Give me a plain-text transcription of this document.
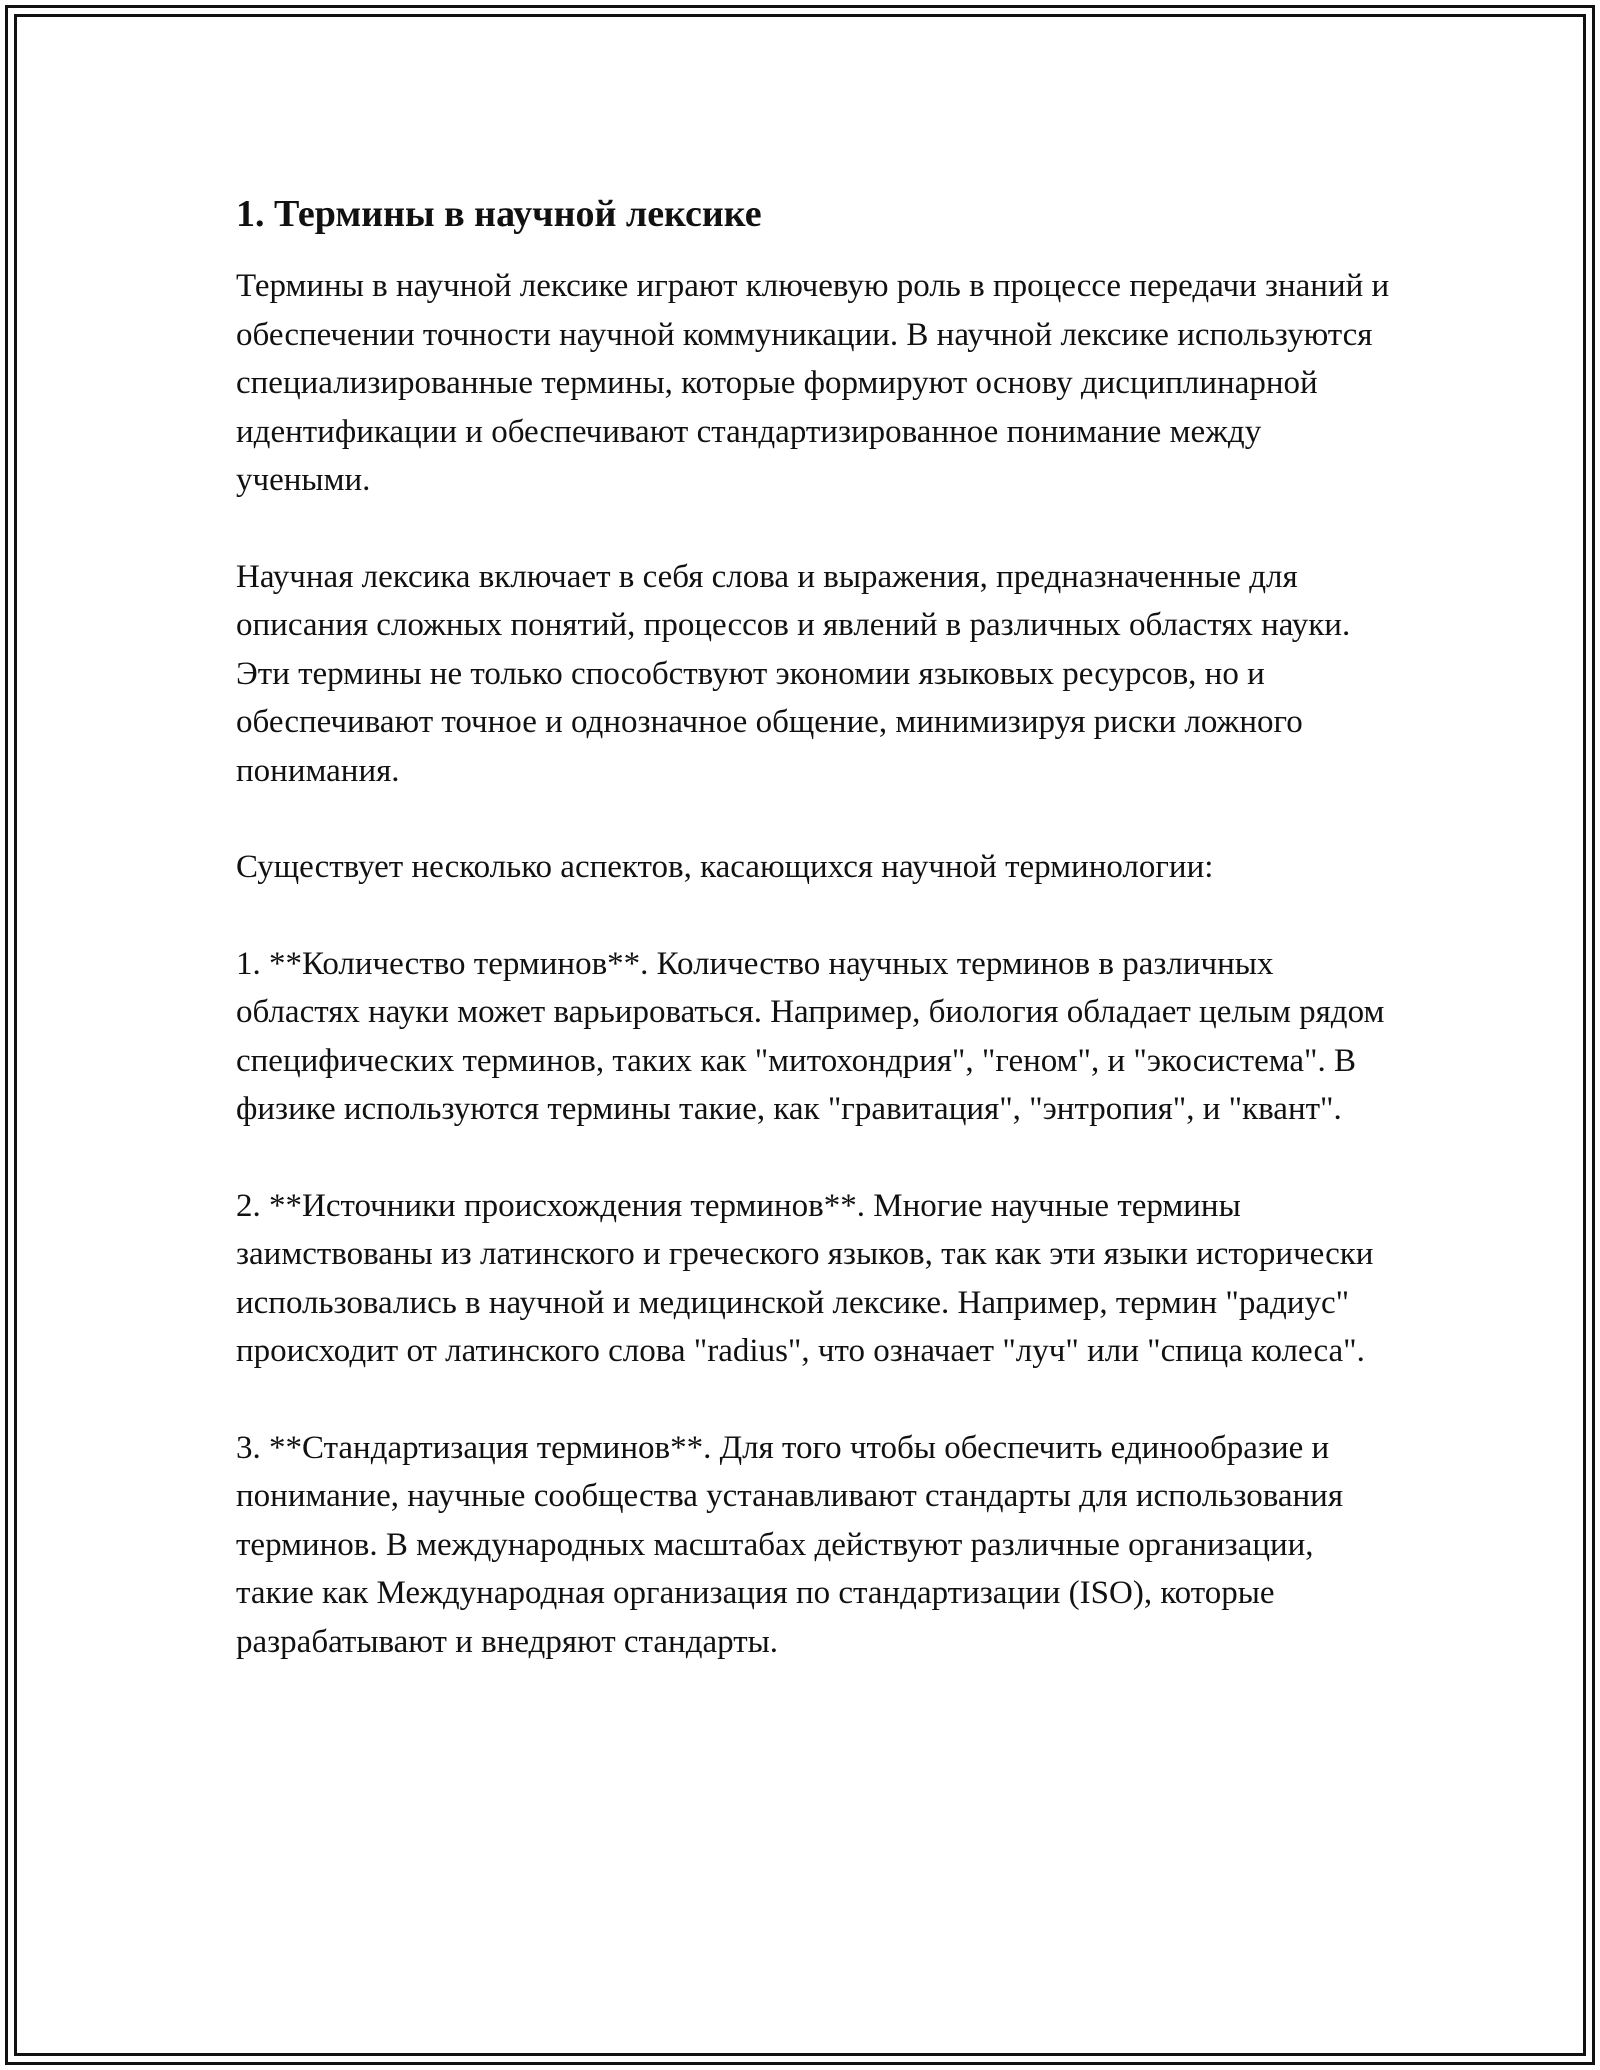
1. Термины в научной лексике

Термины в научной лексике играют ключевую роль в процессе передачи знаний и обеспечении точности научной коммуникации. В научной лексике используются специализированные термины, которые формируют основу дисциплинарной идентификации и обеспечивают стандартизированное понимание между учеными.

Научная лексика включает в себя слова и выражения, предназначенные для описания сложных понятий, процессов и явлений в различных областях науки. Эти термины не только способствуют экономии языковых ресурсов, но и обеспечивают точное и однозначное общение, минимизируя риски ложного понимания.

Существует несколько аспектов, касающихся научной терминологии:

1. **Количество терминов**. Количество научных терминов в различных областях науки может варьироваться. Например, биология обладает целым рядом специфических терминов, таких как "митохондрия", "геном", и "экосистема". В физике используются термины такие, как "гравитация", "энтропия", и "квант".

2. **Источники происхождения терминов**. Многие научные термины заимствованы из латинского и греческого языков, так как эти языки исторически использовались в научной и медицинской лексике. Например, термин "радиус" происходит от латинского слова "radius", что означает "луч" или "спица колеса".

3. **Стандартизация терминов**. Для того чтобы обеспечить единообразие и понимание, научные сообщества устанавливают стандарты для использования терминов. В международных масштабах действуют различные организации, такие как Международная организация по стандартизации (ISO), которые разрабатывают и внедряют стандарты.
